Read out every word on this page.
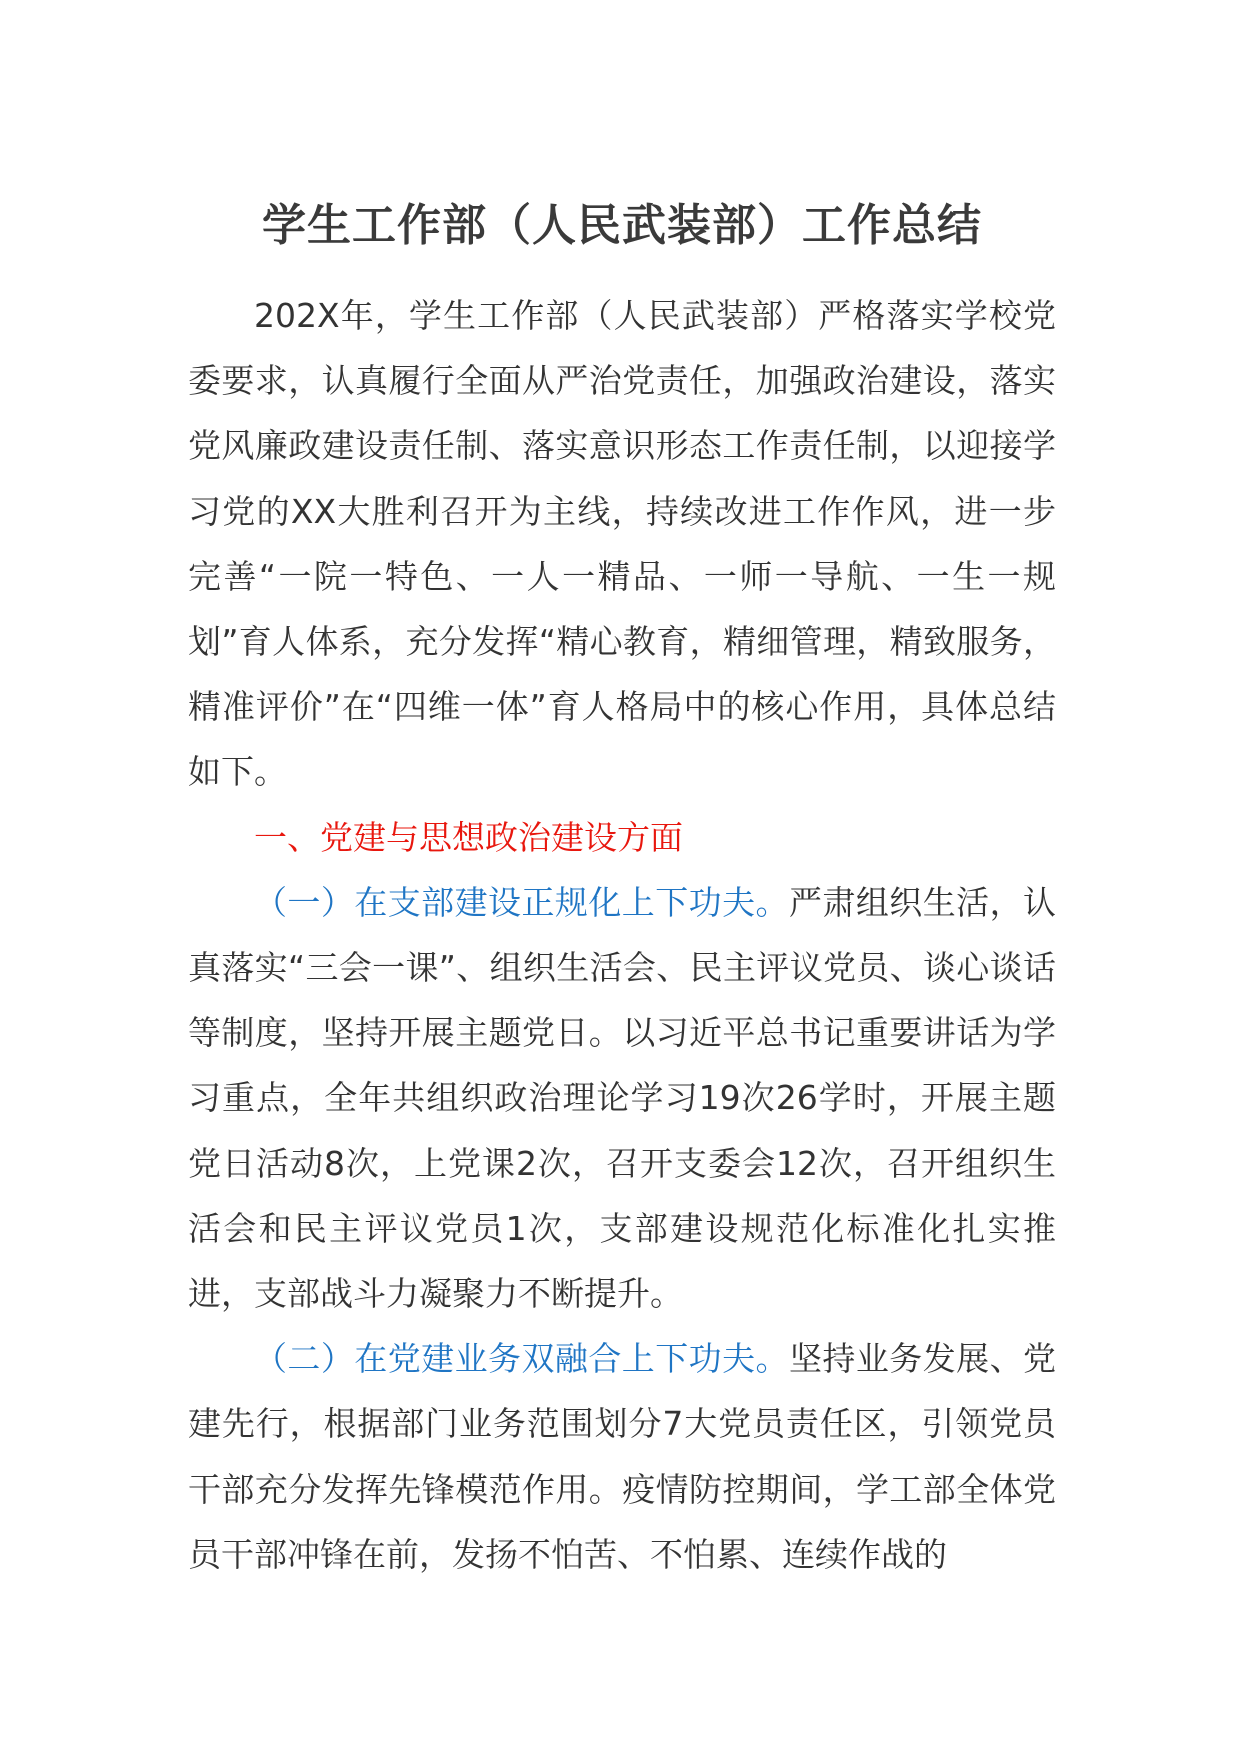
学生工作部（人民武装部）工作总结

202X年，学生工作部（人民武装部）严格落实学校党委要求，认真履行全面从严治党责任，加强政治建设，落实党风廉政建设责任制、落实意识形态工作责任制，以迎接学习党的XX大胜利召开为主线，持续改进工作作风，进一步完善“一院一特色、一人一精品、一师一导航、一生一规划”育人体系，充分发挥“精心教育，精细管理，精致服务，精准评价”在“四维一体”育人格局中的核心作用，具体总结如下。

一、党建与思想政治建设方面

（一）在支部建设正规化上下功夫。严肃组织生活，认真落实“三会一课”、组织生活会、民主评议党员、谈心谈话等制度，坚持开展主题党日。以习近平总书记重要讲话为学习重点，全年共组织政治理论学习19次26学时，开展主题党日活动8次，上党课2次，召开支委会12次，召开组织生活会和民主评议党员1次，支部建设规范化标准化扎实推进，支部战斗力凝聚力不断提升。

（二）在党建业务双融合上下功夫。坚持业务发展、党建先行，根据部门业务范围划分7大党员责任区，引领党员干部充分发挥先锋模范作用。疫情防控期间，学工部全体党员干部冲锋在前，发扬不怕苦、不怕累、连续作战的
